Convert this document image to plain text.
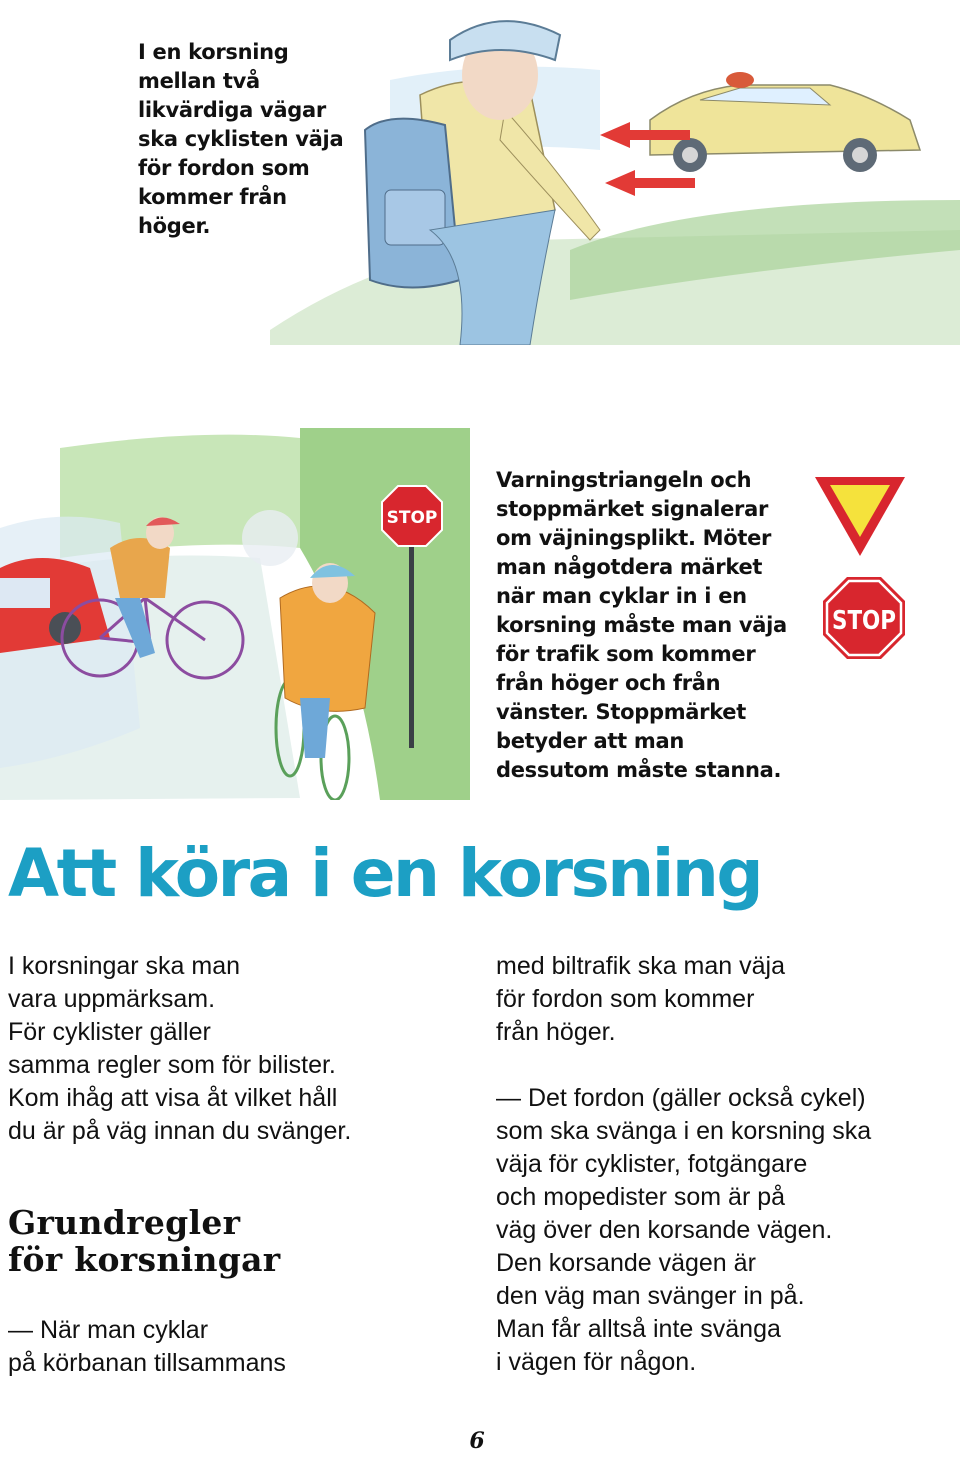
I en korsning
mellan två
likvärdiga vägar
ska cyklisten väja
för fordon som
kommer från
höger.
Varningstriangeln och
stoppmärket signalerar
om väjningsplikt. Möter
man någotdera märket
när man cyklar in i en
korsning måste man väja
för trafik som kommer
från höger och från
vänster. Stoppmärket
betyder att man
dessutom måste stanna.
STOP
STOP
Att köra i en korsning
I korsningar ska man
vara uppmärksam.
För cyklister gäller
samma regler som för bilister.
Kom ihåg att visa åt vilket håll
du är på väg innan du svänger.
Grundregler
för korsningar
— När man cyklar
på körbanan tillsammans
med biltrafik ska man väja
för fordon som kommer
från höger.
— Det fordon (gäller också cykel)
som ska svänga i en korsning ska
väja för cyklister, fotgängare
och mopedister som är på
väg över den korsande vägen.
Den korsande vägen är
den väg man svänger in på.
Man får alltså inte svänga
i vägen för någon.
6
